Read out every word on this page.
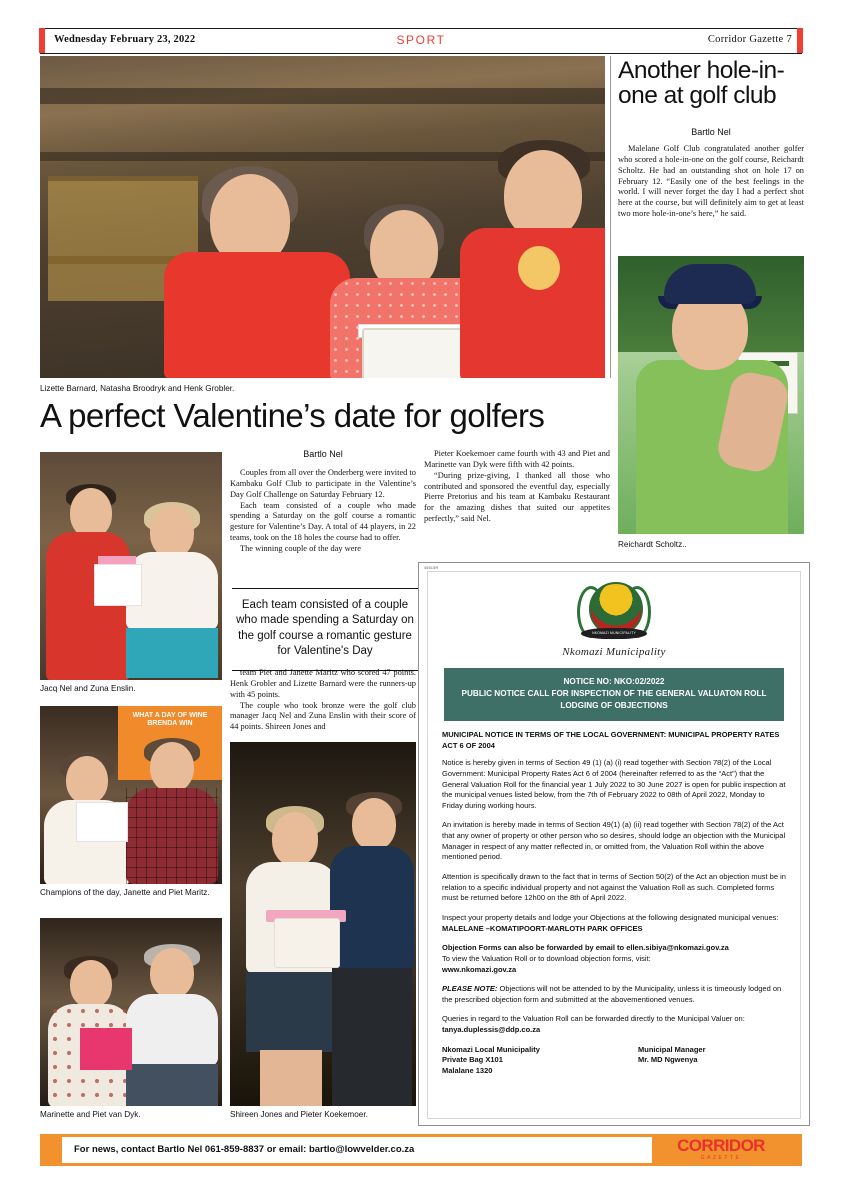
Wednesday February 23, 2022	SPORT	Corridor Gazette 7
Lizette Barnard, Natasha Broodryk and Henk Grobler.
A perfect Valentine’s date for golfers
Jacq Nel and Zuna Enslin.
WHAT A DAY OF WINE
BRENDA WIN
Champions of the day, Janette and Piet Maritz.
Marinette and Piet van Dyk.
Bartlo Nel

Couples from all over the Onderberg were invited to Kambaku Golf Club to participate in the Valentine’s Day Golf Challenge on Saturday February 12.

Each team consisted of a couple who made spending a Saturday on the golf course a romantic gesture for Valentine’s Day. A total of 44 players, in 22 teams, took on the 18 holes the course had to offer.

The winning couple of the day were

Pieter Koekemoer came fourth with 43 and Piet and Marinette van Dyk were fifth with 42 points.

“During prize-giving, I thanked all those who contributed and sponsored the eventful day, especially Pierre Pretorius and his team at Kambaku Restaurant for the amazing dishes that suited our appetites perfectly,” said Nel.

Each team consisted of a couple who made spending a Saturday on the golf course a romantic gesture for Valentine's Day

team Piet and Janette Maritz who scored 47 points. Henk Grobler and Lizette Barnard were the runners-up with 45 points.

The couple who took bronze were the golf club manager Jacq Nel and Zuna Enslin with their score of 44 points. Shireen Jones and

Shireen Jones and Pieter Koekemoer.
Another hole-in-one at golf club
Bartlo Nel

Malelane Golf Club congratulated another golfer who scored a hole-in-one on the golf course, Reichardt Scholtz. He had an outstanding shot on hole 17 on February 12. “Easily one of the best feelings in the world. I will never forget the day I had a perfect shot here at the course, but will definitely aim to get at least two more hole-in-one’s here,” he said.

Reichardt Scholtz..
45615R
NKOMAZI MUNICIPALITY
Nkomazi Municipality
NOTICE NO: NKO:02/2022
PUBLIC NOTICE CALL FOR INSPECTION OF THE GENERAL VALUATON ROLL
LODGING OF OBJECTIONS

MUNICIPAL NOTICE IN TERMS OF THE LOCAL GOVERNMENT: MUNICIPAL PROPERTY RATES ACT 6 OF 2004

Notice is hereby given in terms of Section 49 (1) (a) (i) read together with Section 78(2) of the Local Government: Municipal Property Rates Act 6 of 2004 (hereinafter referred to as the “Act”) that the General Valuation Roll for the financial year 1 July 2022 to 30 June 2027 is open for public inspection at the municipal venues listed below, from the 7th of February 2022 to 08th of April 2022, Monday to Friday during working hours.

An invitation is hereby made in terms of Section 49(1) (a) (ii) read together with Section 78(2) of the Act that any owner of property or other person who so desires, should lodge an objection with the Municipal Manager in respect of any matter reflected in, or omitted from, the Valuation Roll within the above mentioned period.

Attention is specifically drawn to the fact that in terms of Section 50(2) of the Act an objection must be in relation to a specific individual property and not against the Valuation Roll as such. Completed forms must be returned before 12h00 on the 8th of April 2022.

Inspect your property details and lodge your Objections at the following designated municipal venues: MALELANE –KOMATIPOORT-MARLOTH PARK OFFICES

Objection Forms can also be forwarded by email to ellen.sibiya@nkomazi.gov.za
To view the Valuation Roll or to download objection forms, visit:
www.nkomazi.gov.za

PLEASE NOTE: Objections will not be attended to by the Municipality, unless it is timeously lodged on the prescribed objection form and submitted at the abovementioned venues.

Queries in regard to the Valuation Roll can be forwarded directly to the Municipal Valuer on: tanya.duplessis@ddp.co.za

Nkomazi Local Municipality
Private Bag X101
Malalane 1320
Municipal Manager
Mr. MD Ngwenya
For news, contact Bartlo Nel 061-859-8837 or email: bartlo@lowvelder.co.za	CORRIDOR
GAZETTE
